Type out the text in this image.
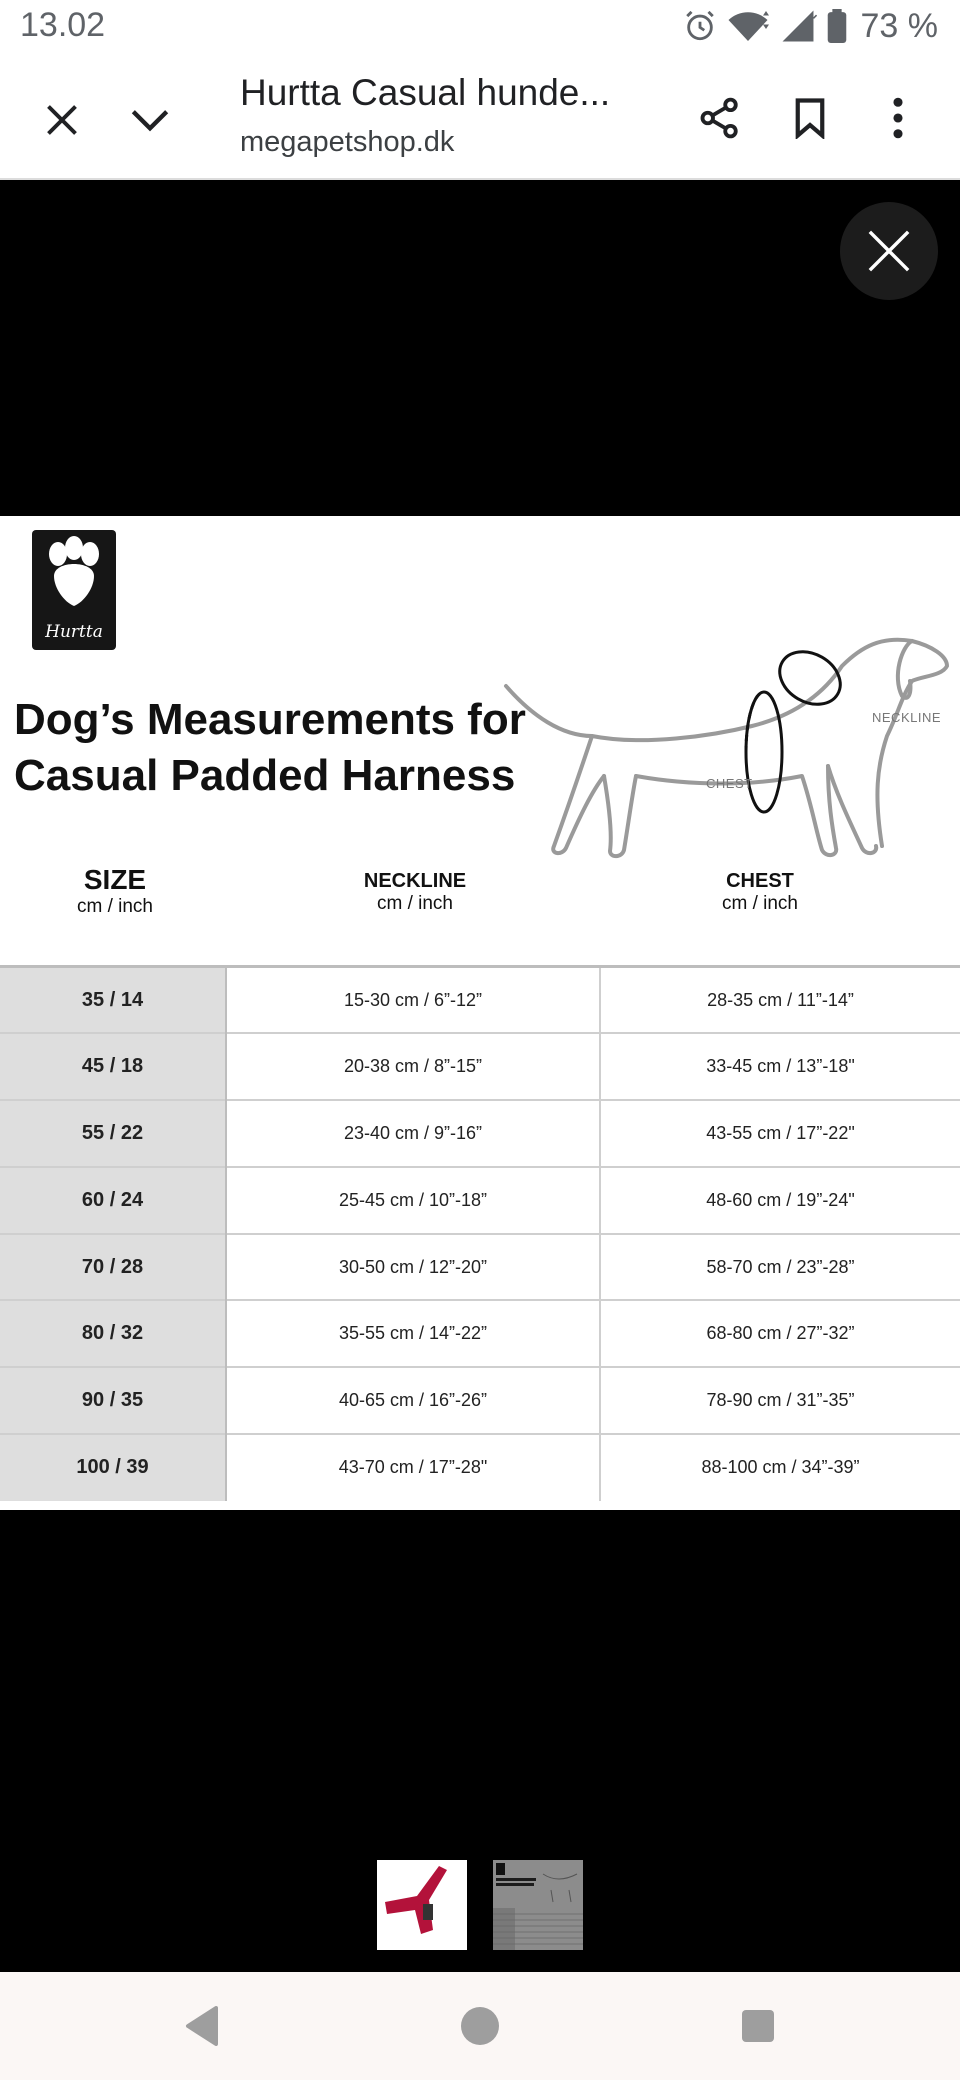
13.02	73 %
Hurtta Casual hunde...
megapetshop.dk
Hurtta
Dog’s Measurements for
Casual Padded Harness
NECKLINE
CHEST
SIZE
cm / inch
NECKLINE
cm / inch
CHEST
cm / inch
35 / 14	15-30 cm / 6”-12”	28-35 cm / 11”-14”
45 / 18	20-38 cm / 8”-15”	33-45 cm / 13”-18"
55 / 22	23-40 cm / 9”-16”	43-55 cm / 17”-22"
60 / 24	25-45 cm / 10”-18”	48-60 cm / 19”-24"
70 / 28	30-50 cm / 12”-20”	58-70 cm / 23”-28”
80 / 32	35-55 cm / 14”-22”	68-80 cm / 27”-32”
90 / 35	40-65 cm / 16”-26”	78-90 cm / 31”-35”
100 / 39	43-70 cm / 17”-28"	88-100 cm / 34”-39”
